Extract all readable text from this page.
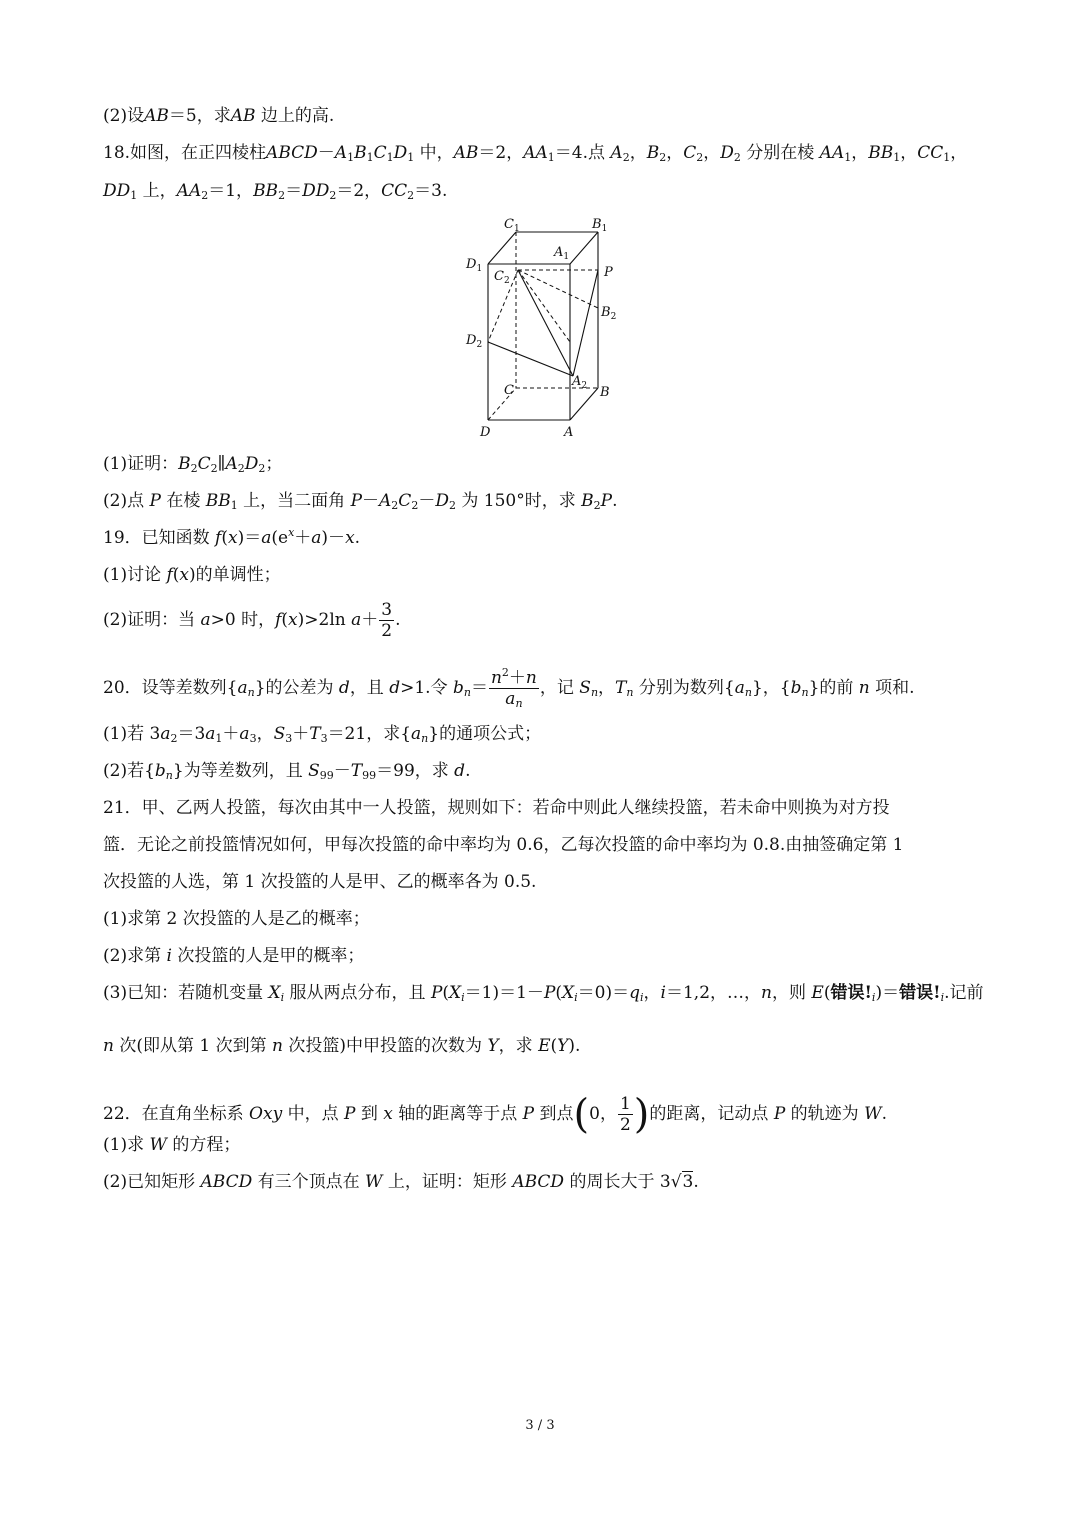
(2)设AB＝5，求AB 边上的高.
18.如图，在正四棱柱$ABCD-A_1B_1C_1D_1$ 中，AB＝2，$AA_1=4$.点 $A_2$，$B_2$，$C_2$，$D_2$ 分别在棱 $AA_1$，$BB_1$，$CC_1$，
$DD_1$ 上，$AA_2=1$，$BB_2=DD_2=2$，$CC_2=3$.
$C_1$	$B_1$
$A_1$
$D_1$ $C_2$
P
$B_2$
$D_2$
C
$A_2$ B
D	A
(1)证明：$B_2C_2\parallel A_2D_2$；
(2)点 P 在棱 $BB_1$ 上，当二面角 $P-A_2C_2-D_2$ 为 150°时，求 $B_2P$.
19．已知函数 $f(x)=a(e^x+a)-x$.
(1)讨论 f(x)的单调性；
(2)证明：当 a>0 时，f(x)>2ln $a+ \frac{3}{2}$ .
20．设等差数列$\{a_n\}$的公差为 d，且 d>1.令 $b_n= \frac{n^2+n}{a_n}$ ，记 $S_n$，$T_n$ 分别为数列$\{a_n\}$，$\{b_n\}$的前 n 项和.
(1)若 $3a_2=3a_1+a_3$，$S_3+T_3=21$，求$\{a_n\}$的通项公式；
(2)若$\{b_n\}$为等差数列，且 $S_{99}-T_{99}=99$，求 d.
21．甲、乙两人投篮，每次由其中一人投篮，规则如下：若命中则此人继续投篮，若未命中则换为对方投
篮．无论之前投篮情况如何，甲每次投篮的命中率均为 0.6，乙每次投篮的命中率均为 0.8.由抽签确定第 1
次投篮的人选，第 1 次投篮的人是甲、乙的概率各为 0.5.
(1)求第 2 次投篮的人是乙的概率；
(2)求第 i 次投篮的人是甲的概率；
(3)已知：若随机变量 $X_i$ 服从两点分布，且 $P(X_i=1)=1-P(X_i=0)=q_i$，i＝1,2，…，n，则 E(错误$!_i)=$错误$!_i$.记前
n 次(即从第 1 次到第 n 次投篮)中甲投篮的次数为 Y，求 E(Y).
22．在直角坐标系 Oxy 中，点 P 到 x 轴的距离等于点 P 到点(0， $\frac{1}{2}$ )的距离，记动点 P 的轨迹为 W.
(1)求 W 的方程；
(2)已知矩形 ABCD 有三个顶点在 W 上，证明：矩形 ABCD 的周长大于 3√3.
3 / 3
